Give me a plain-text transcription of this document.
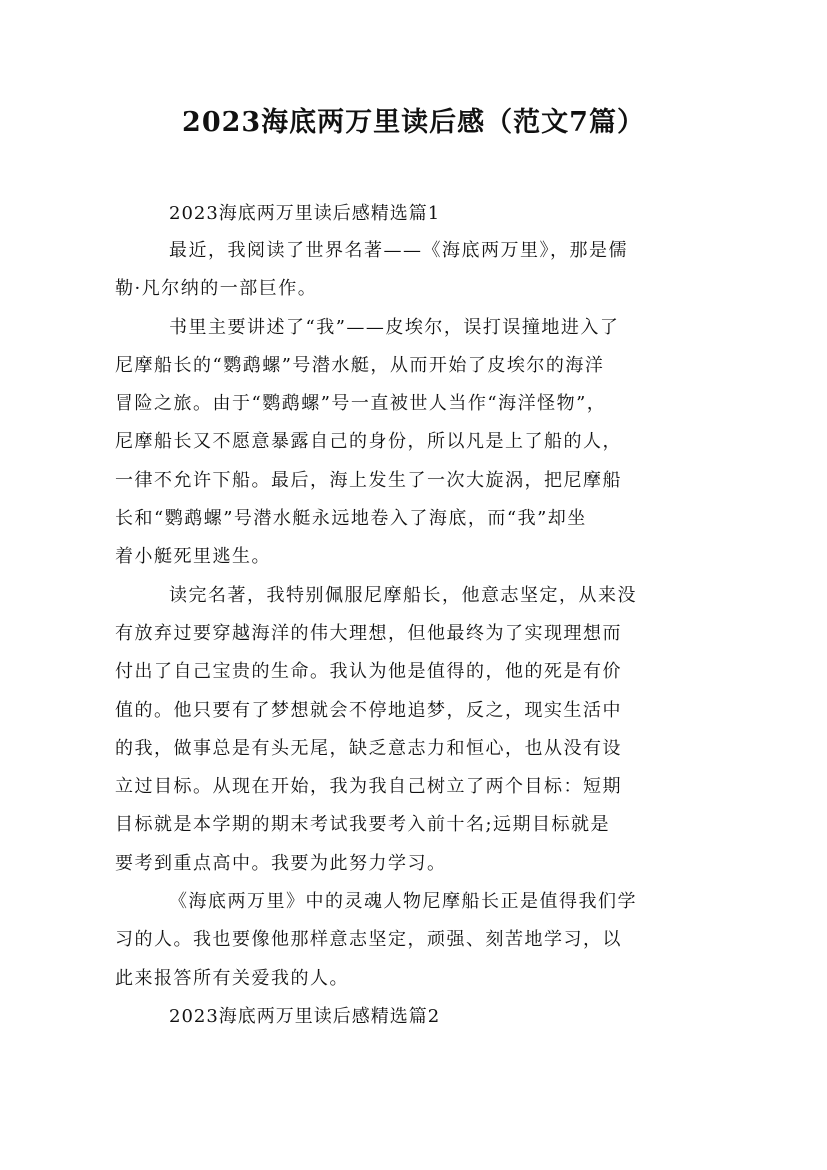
2023海底两万里读后感（范文7篇）

2023海底两万里读后感精选篇1

最近，我阅读了世界名著——《海底两万里》，那是儒
勒·凡尔纳的一部巨作。

书里主要讲述了“我”——皮埃尔，误打误撞地进入了
尼摩船长的“鹦鹉螺”号潜水艇，从而开始了皮埃尔的海洋
冒险之旅。由于“鹦鹉螺”号一直被世人当作“海洋怪物”，
尼摩船长又不愿意暴露自己的身份，所以凡是上了船的人，
一律不允许下船。最后，海上发生了一次大旋涡，把尼摩船
长和“鹦鹉螺”号潜水艇永远地卷入了海底，而“我”却坐
着小艇死里逃生。

读完名著，我特别佩服尼摩船长，他意志坚定，从来没
有放弃过要穿越海洋的伟大理想，但他最终为了实现理想而
付出了自己宝贵的生命。我认为他是值得的，他的死是有价
值的。他只要有了梦想就会不停地追梦，反之，现实生活中
的我，做事总是有头无尾，缺乏意志力和恒心，也从没有设
立过目标。从现在开始，我为我自己树立了两个目标：短期
目标就是本学期的期末考试我要考入前十名;远期目标就是
要考到重点高中。我要为此努力学习。

《海底两万里》中的灵魂人物尼摩船长正是值得我们学
习的人。我也要像他那样意志坚定，顽强、刻苦地学习，以
此来报答所有关爱我的人。

2023海底两万里读后感精选篇2
